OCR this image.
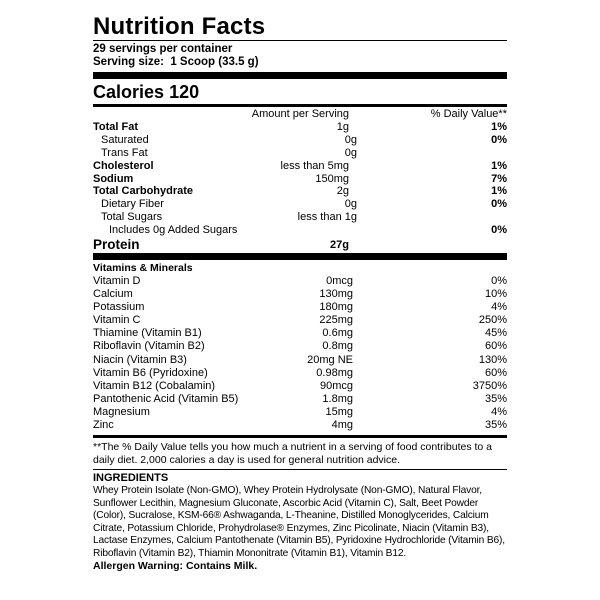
Nutrition Facts
29 servings per container
Serving size: 1 Scoop (33.5 g)
Calories 120
Amount per Serving	% Daily Value**
Total Fat	1g	1%
Saturated	0g	0%
Trans Fat	0g
Cholesterol	less than 5mg	1%
Sodium	150mg	7%
Total Carbohydrate	2g	1%
Dietary Fiber	0g	0%
Total Sugars	less than 1g
Includes 0g Added Sugars	0%
Protein	27g
Vitamins & Minerals
Vitamin D	0mcg	0%
Calcium	130mg	10%
Potassium	180mg	4%
Vitamin C	225mg	250%
Thiamine (Vitamin B1)	0.6mg	45%
Riboflavin (Vitamin B2)	0.8mg	60%
Niacin (Vitamin B3)	20mg NE	130%
Vitamin B6 (Pyridoxine)	0.98mg	60%
Vitamin B12 (Cobalamin)	90mcg	3750%
Pantothenic Acid (Vitamin B5)	1.8mg	35%
Magnesium	15mg	4%
Zinc	4mg	35%
**The % Daily Value tells you how much a nutrient in a serving of food contributes to a daily diet. 2,000 calories a day is used for general nutrition advice.
INGREDIENTS
Whey Protein Isolate (Non-GMO), Whey Protein Hydrolysate (Non-GMO), Natural Flavor, Sunflower Lecithin, Magnesium Gluconate, Ascorbic Acid (Vitamin C), Salt, Beet Powder (Color), Sucralose, KSM-66® Ashwaganda, L-Theanine, Distilled Monoglycerides, Calcium Citrate, Potassium Chloride, Prohydrolase® Enzymes, Zinc Picolinate, Niacin (Vitamin B3), Lactase Enzymes, Calcium Pantothenate (Vitamin B5), Pyridoxine Hydrochloride (Vitamin B6), Riboflavin (Vitamin B2), Thiamin Mononitrate (Vitamin B1), Vitamin B12.
Allergen Warning: Contains Milk.
